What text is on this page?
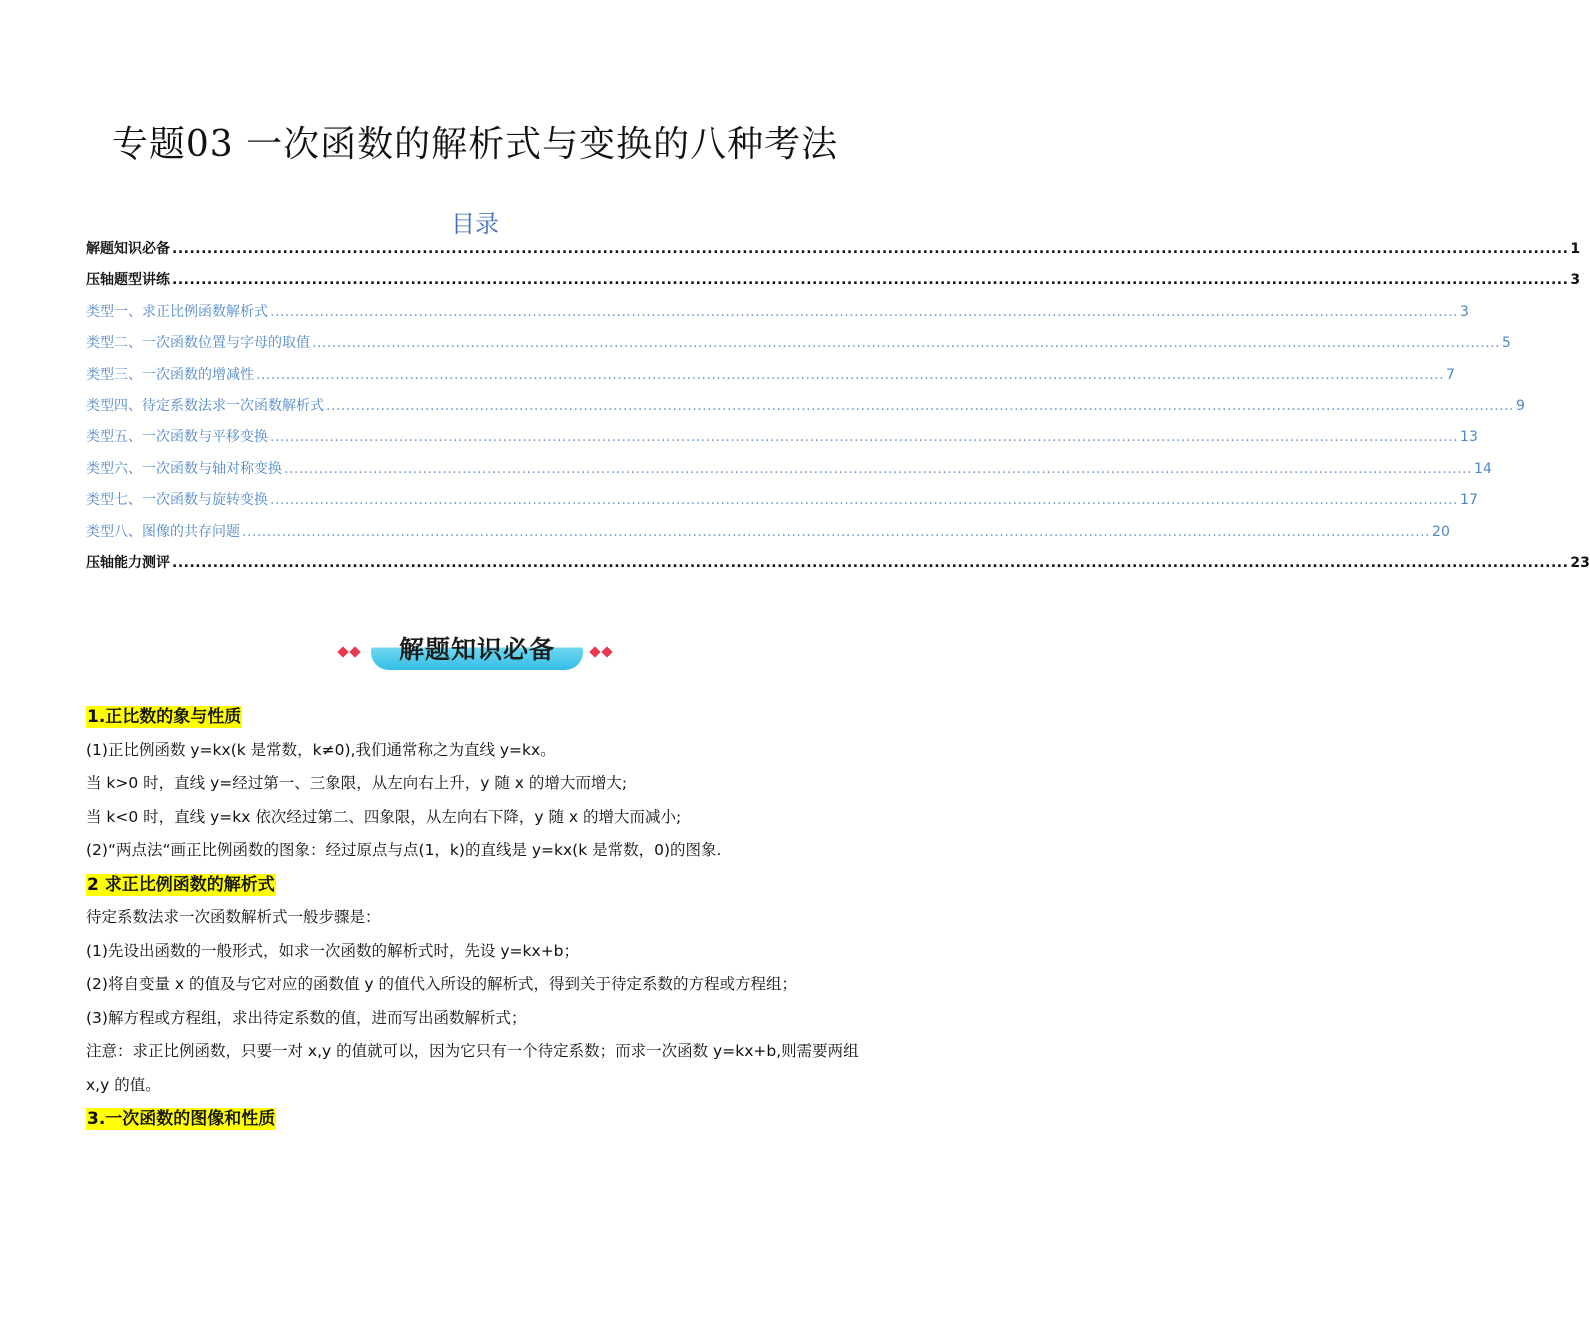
专题03 一次函数的解析式与变换的八种考法
目录
解题知识必备 ................................................................................................................................................................................................................................................ 1
压轴题型讲练 ................................................................................................................................................................................................................................................ 3
类型一、求正比例函数解析式 ................................................................................................................................................................................................................................................ 3
类型二、一次函数位置与字母的取值 ................................................................................................................................................................................................................................................ 5
类型三、一次函数的增减性 ................................................................................................................................................................................................................................................ 7
类型四、待定系数法求一次函数解析式 ................................................................................................................................................................................................................................................ 9
类型五、一次函数与平移变换 ................................................................................................................................................................................................................................................ 13
类型六、一次函数与轴对称变换 ................................................................................................................................................................................................................................................ 14
类型七、一次函数与旋转变换 ................................................................................................................................................................................................................................................ 17
类型八、图像的共存问题 ................................................................................................................................................................................................................................................ 20
压轴能力测评 ................................................................................................................................................................................................................................................ 23
解题知识必备
1.正比数的象与性质
(1)正比例函数 y=kx(k 是常数，k≠0),我们通常称之为直线 y=kx。
当 k>0 时，直线 y=经过第一、三象限，从左向右上升，y 随 x 的增大而增大;
当 k<0 时，直线 y=kx 依次经过第二、四象限，从左向右下降，y 随 x 的增大而减小;
(2)“两点法“画正比例函数的图象：经过原点与点(1，k)的直线是 y=kx(k 是常数，0)的图象.
2 求正比例函数的解析式
待定系数法求一次函数解析式一般步骤是：
(1)先设出函数的一般形式，如求一次函数的解析式时，先设 y=kx+b；
(2)将自变量 x 的值及与它对应的函数值 y 的值代入所设的解析式，得到关于待定系数的方程或方程组；
(3)解方程或方程组，求出待定系数的值，进而写出函数解析式；
注意：求正比例函数，只要一对 x,y 的值就可以，因为它只有一个待定系数；而求一次函数 y=kx+b,则需要两组 x,y 的值。
3.一次函数的图像和性质
